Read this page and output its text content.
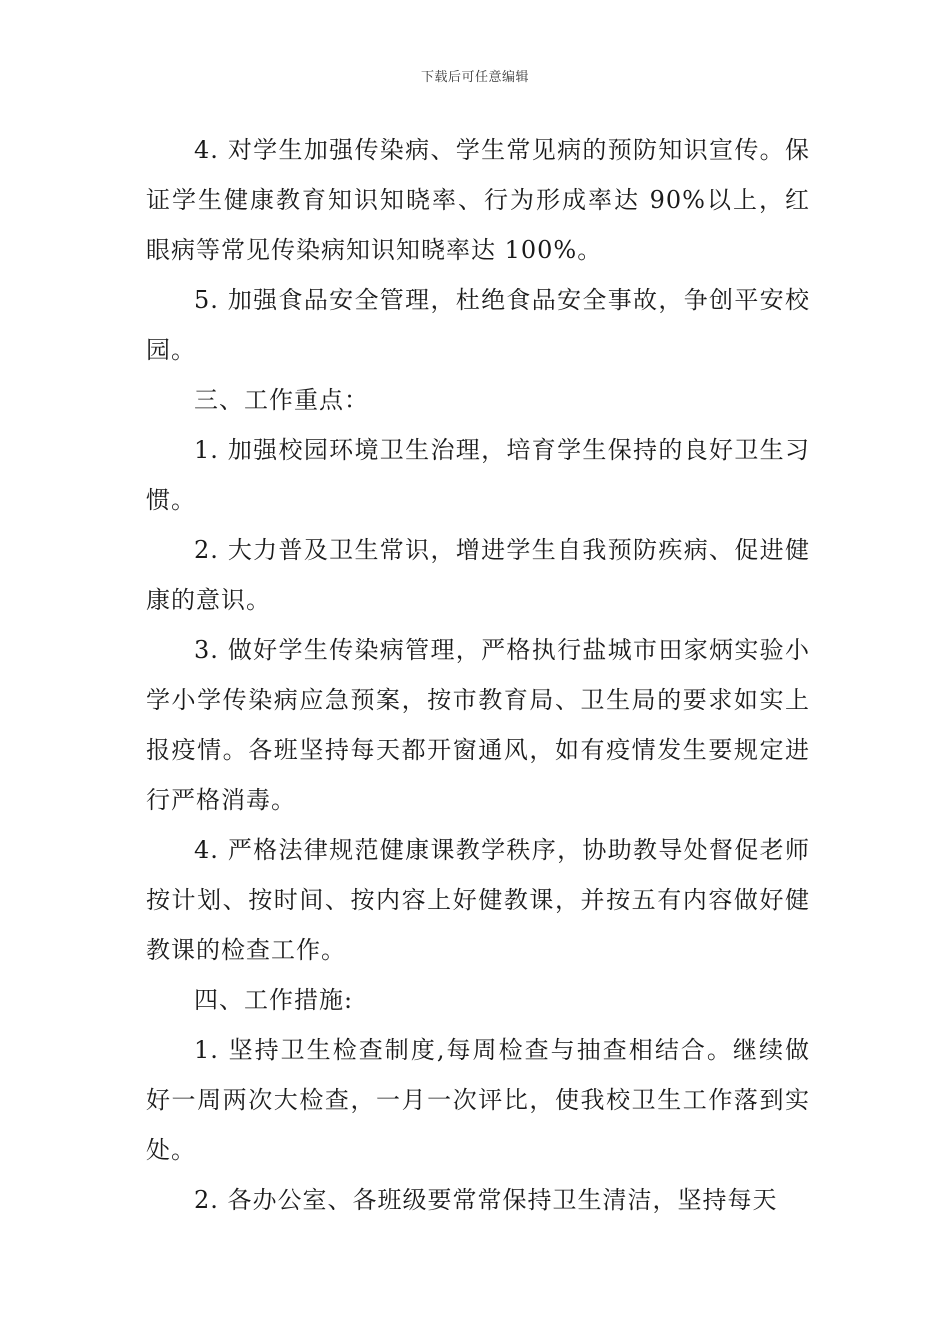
下载后可任意编辑

4. 对学生加强传染病、学生常见病的预防知识宣传。保证学生健康教育知识知晓率、行为形成率达 90%以上，红眼病等常见传染病知识知晓率达 100%。

5. 加强食品安全管理，杜绝食品安全事故，争创平安校园。

三、工作重点：

1. 加强校园环境卫生治理，培育学生保持的良好卫生习惯。

2. 大力普及卫生常识，增进学生自我预防疾病、促进健康的意识。

3. 做好学生传染病管理，严格执行盐城市田家炳实验小学小学传染病应急预案，按市教育局、卫生局的要求如实上报疫情。各班坚持每天都开窗通风，如有疫情发生要规定进行严格消毒。

4. 严格法律规范健康课教学秩序，协助教导处督促老师按计划、按时间、按内容上好健教课，并按五有内容做好健教课的检查工作。

四、工作措施:

1. 坚持卫生检查制度,每周检查与抽查相结合。继续做好一周两次大检查，一月一次评比，使我校卫生工作落到实处。

2. 各办公室、各班级要常常保持卫生清洁，坚持每天
